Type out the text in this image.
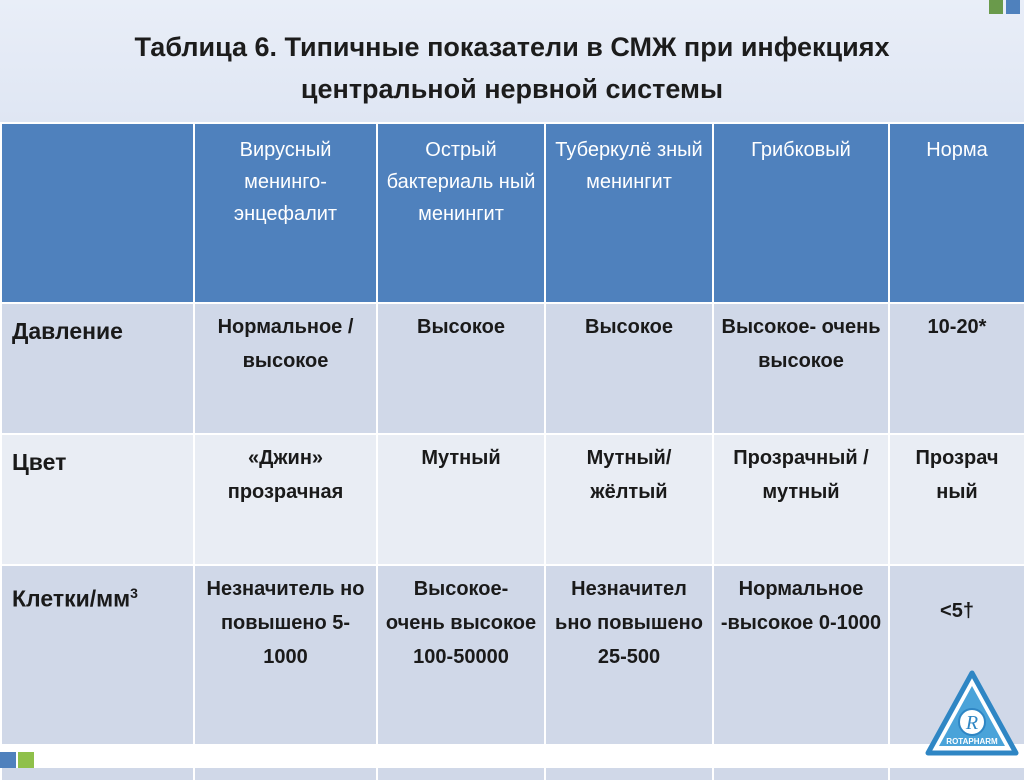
Таблица 6. Типичные показатели в СМЖ при инфекциях
центральной нервной системы
	Вирусный менинго-энцефалит	Острый бактериаль ный менингит	Туберкулё зный менингит	Грибковый	Норма
Давление	Нормальное /высокое	Высокое	Высокое	Высокое- очень высокое	10-20*
Цвет	«Джин» прозрачная	Мутный	Мутный/ жёлтый	Прозрачный /мутный	Прозрач ный
Клетки/$мм^3$	Незначитель но повышено 5-1000	Высокое- очень высокое 100-50000	Незначител ьно повышено 25-500	Нормальное -высокое 0-1000	<5†
R
ROTAPHARM
